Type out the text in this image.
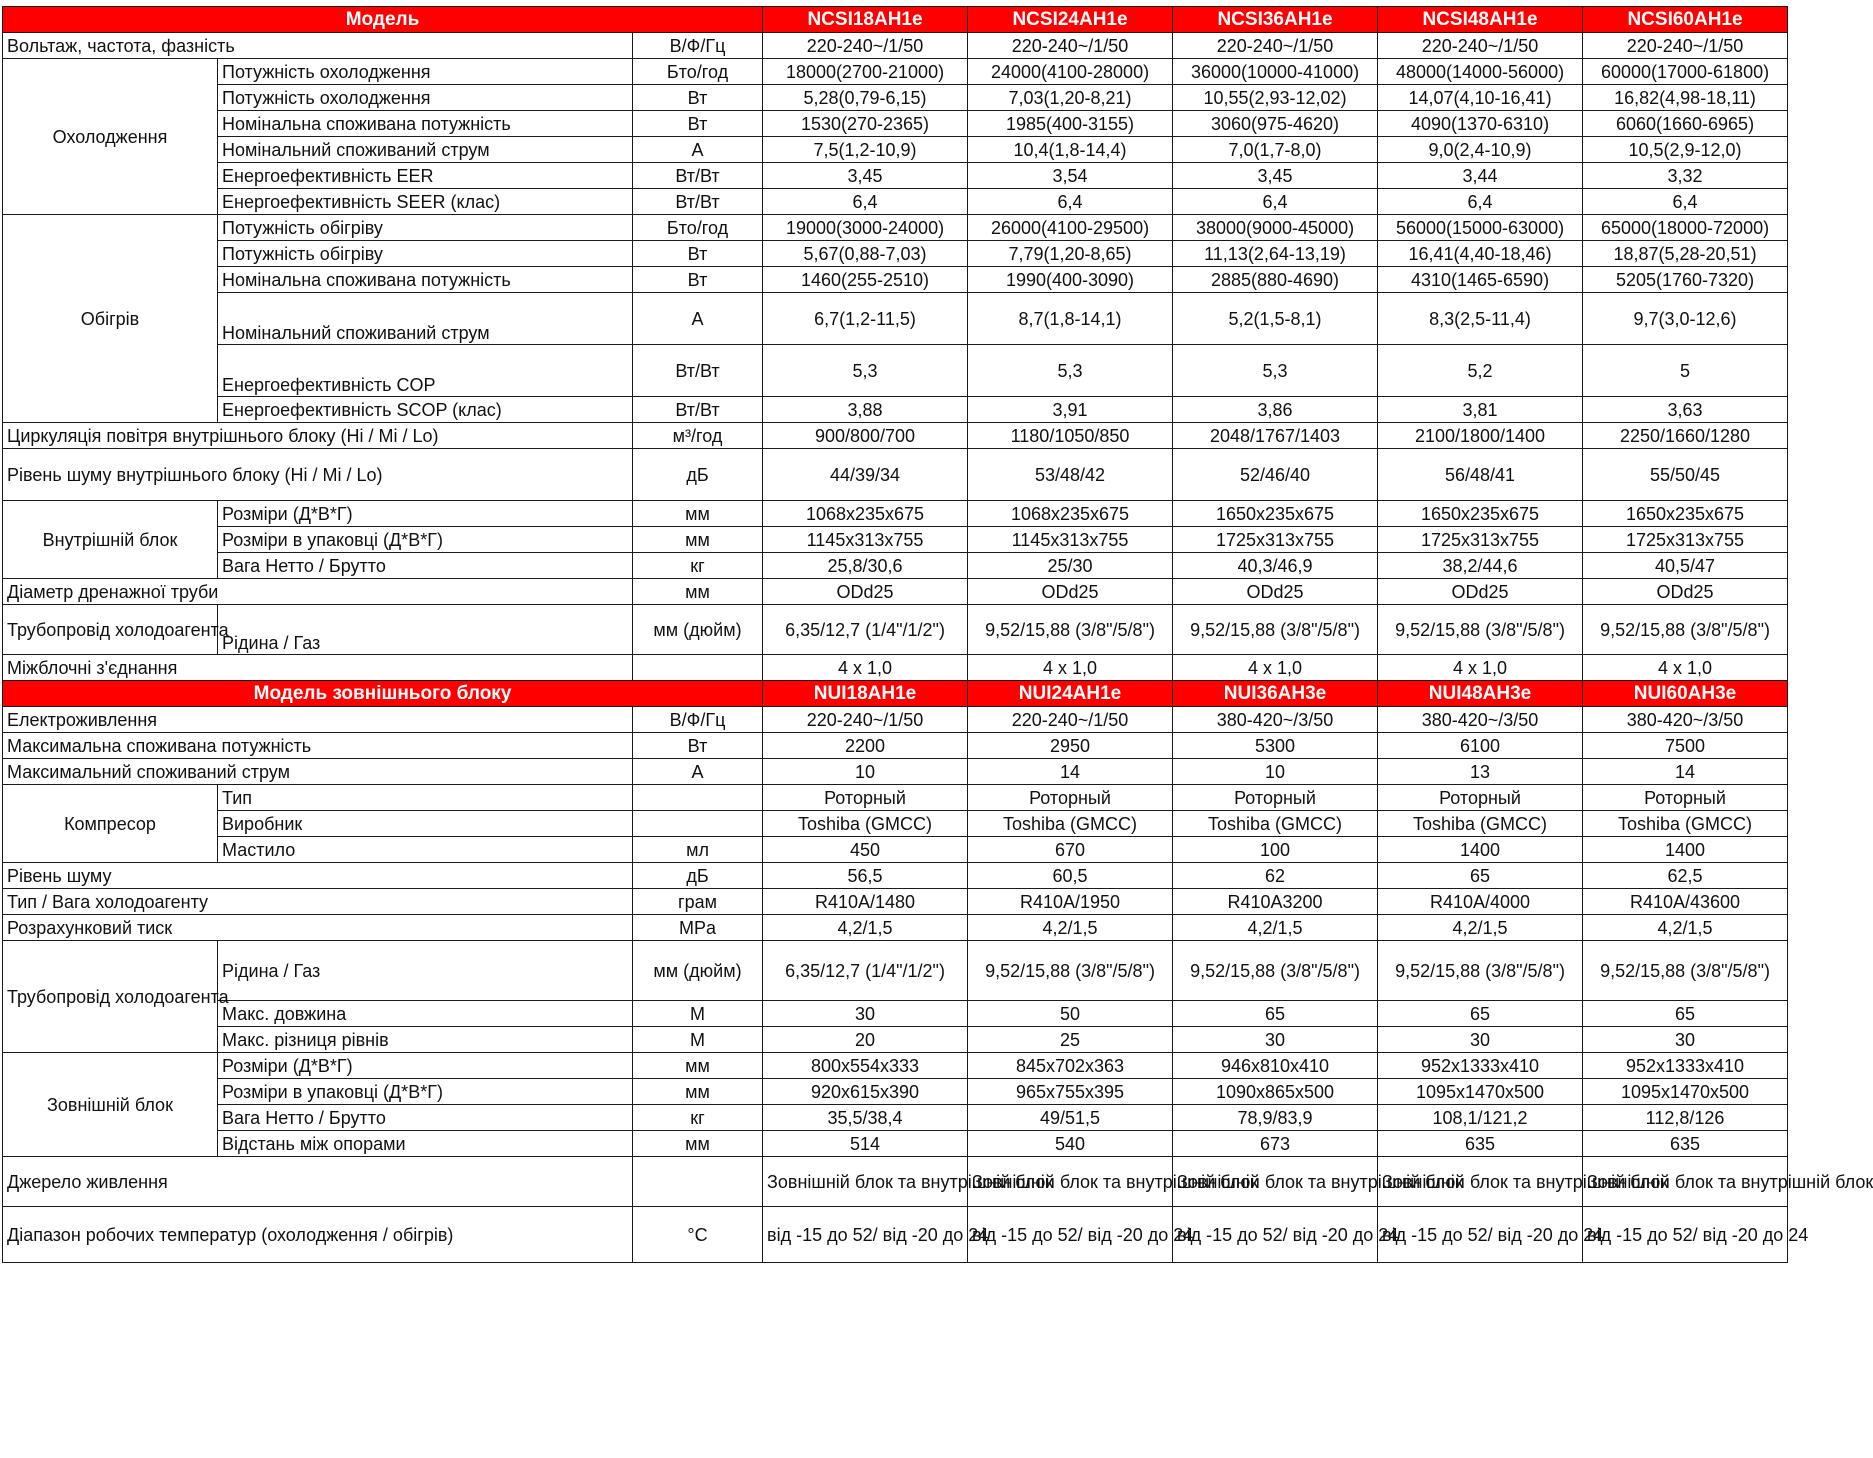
Модель			NCSI18AH1e	NCSI24AH1e	NCSI36AH1e	NCSI48AH1e	NCSI60AH1e
Вольтаж, частота, фазність		В/Ф/Гц	220-240~/1/50	220-240~/1/50	220-240~/1/50	220-240~/1/50	220-240~/1/50
Охолодження	Потужність охолодження	Бто/год	18000(2700-21000)	24000(4100-28000)	36000(10000-41000)	48000(14000-56000)	60000(17000-61800)
	Потужність охолодження	Вт	5,28(0,79-6,15)	7,03(1,20-8,21)	10,55(2,93-12,02)	14,07(4,10-16,41)	16,82(4,98-18,11)
	Номінальна споживана потужність	Вт	1530(270-2365)	1985(400-3155)	3060(975-4620)	4090(1370-6310)	6060(1660-6965)
	Номінальний споживаний струм	А	7,5(1,2-10,9)	10,4(1,8-14,4)	7,0(1,7-8,0)	9,0(2,4-10,9)	10,5(2,9-12,0)
	Енергоефективність EER	Вт/Вт	3,45	3,54	3,45	3,44	3,32
	Енергоефективність SEER (клас)	Вт/Вт	6,4	6,4	6,4	6,4	6,4
Обігрів	Потужність обігріву	Бто/год	19000(3000-24000)	26000(4100-29500)	38000(9000-45000)	56000(15000-63000)	65000(18000-72000)
	Потужність обігріву	Вт	5,67(0,88-7,03)	7,79(1,20-8,65)	11,13(2,64-13,19)	16,41(4,40-18,46)	18,87(5,28-20,51)
	Номінальна споживана потужність	Вт	1460(255-2510)	1990(400-3090)	2885(880-4690)	4310(1465-6590)	5205(1760-7320)
	Номінальний споживаний струм	А	6,7(1,2-11,5)	8,7(1,8-14,1)	5,2(1,5-8,1)	8,3(2,5-11,4)	9,7(3,0-12,6)
	Енергоефективність COP	Вт/Вт	5,3	5,3	5,3	5,2	5
	Енергоефективність SCOP (клас)	Вт/Вт	3,88	3,91	3,86	3,81	3,63
Циркуляція повітря внутрішнього блоку (Hi / Mi / Lo)		м³/год	900/800/700	1180/1050/850	2048/1767/1403	2100/1800/1400	2250/1660/1280
Рівень шуму внутрішнього блоку (Hi / Mi / Lo)		дБ	44/39/34	53/48/42	52/46/40	56/48/41	55/50/45
Внутрішній блок	Розміри (Д*В*Г)	мм	1068x235x675	1068x235x675	1650x235x675	1650x235x675	1650x235x675
	Розміри в упаковці (Д*В*Г)	мм	1145x313x755	1145x313x755	1725x313x755	1725x313x755	1725x313x755
	Вага Нетто / Брутто	кг	25,8/30,6	25/30	40,3/46,9	38,2/44,6	40,5/47
Діаметр дренажної труби		мм	ODd25	ODd25	ODd25	ODd25	ODd25
Трубопровід холодоагента	Рідина / Газ	мм (дюйм)	6,35/12,7 (1/4"/1/2")	9,52/15,88 (3/8"/5/8")	9,52/15,88 (3/8"/5/8")	9,52/15,88 (3/8"/5/8")	9,52/15,88 (3/8"/5/8")
Міжблочні з'єднання			4 x 1,0	4 x 1,0	4 x 1,0	4 x 1,0	4 x 1,0
Модель зовнішнього блоку			NUI18AH1e	NUI24AH1e	NUI36AH3e	NUI48AH3e	NUI60AH3e
Електроживлення		В/Ф/Гц	220-240~/1/50	220-240~/1/50	380-420~/3/50	380-420~/3/50	380-420~/3/50
Максимальна споживана потужність		Вт	2200	2950	5300	6100	7500
Максимальний споживаний струм		А	10	14	10	13	14
Компресор	Тип		Роторный	Роторный	Роторный	Роторный	Роторный
	Виробник		Toshiba (GMCC)	Toshiba (GMCC)	Toshiba (GMCC)	Toshiba (GMCC)	Toshiba (GMCC)
	Мастило	мл	450	670	100	1400	1400
Рівень шуму		дБ	56,5	60,5	62	65	62,5
Тип / Вага холодоагенту		грам	R410A/1480	R410A/1950	R410A3200	R410A/4000	R410A/43600
Розрахунковий тиск		MPa	4,2/1,5	4,2/1,5	4,2/1,5	4,2/1,5	4,2/1,5
Трубопровід холодоагента	Рідина / Газ	мм (дюйм)	6,35/12,7 (1/4"/1/2")	9,52/15,88 (3/8"/5/8")	9,52/15,88 (3/8"/5/8")	9,52/15,88 (3/8"/5/8")	9,52/15,88 (3/8"/5/8")
	Макс. довжина	М	30	50	65	65	65
	Макс. різниця рівнів	М	20	25	30	30	30
Зовнішній блок	Розміри (Д*В*Г)	мм	800x554x333	845x702x363	946x810x410	952x1333x410	952x1333x410
	Розміри в упаковці (Д*В*Г)	мм	920x615x390	965x755x395	1090x865x500	1095x1470x500	1095x1470x500
	Вага Нетто / Брутто	кг	35,5/38,4	49/51,5	78,9/83,9	108,1/121,2	112,8/126
	Відстань між опорами	мм	514	540	673	635	635
Джерело живлення			Зовнішній блок та внутрішній блок	Зовнішній блок та внутрішній блок	Зовнішній блок та внутрішній блок	Зовнішній блок та внутрішній блок	Зовнішній блок та внутрішній блок
Діапазон робочих температур (охолодження / обігрів)		°С	від -15 до 52/ від -20 до 24	від -15 до 52/ від -20 до 24	від -15 до 52/ від -20 до 24	від -15 до 52/ від -20 до 24	від -15 до 52/ від -20 до 24
